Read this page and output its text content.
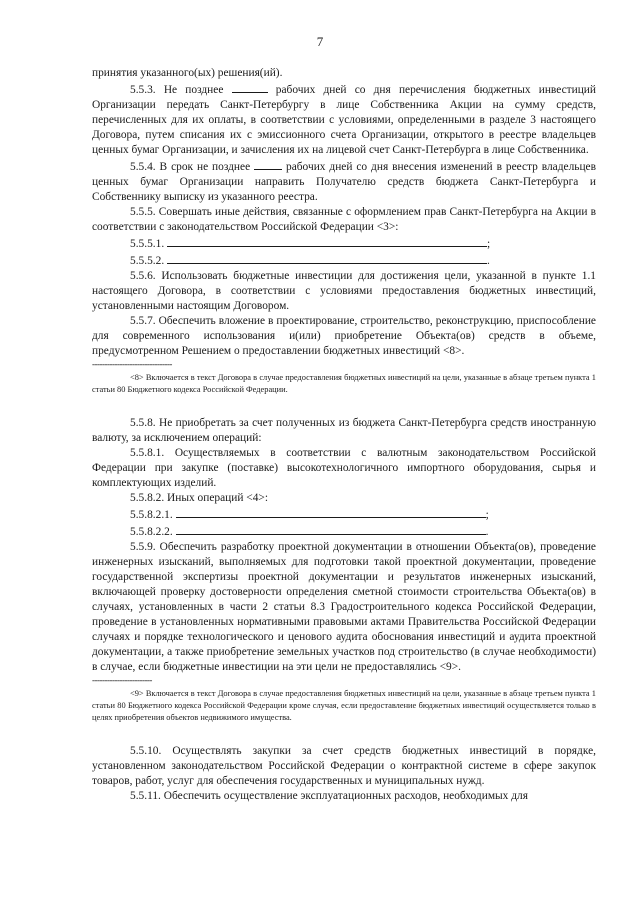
7

принятия указанного(ых) решения(ий).

5.5.3. Не позднее	рабочих дней со дня перечисления бюджетных инвестиций Организации передать Санкт-Петербургу в лице Собственника Акции на сумму средств, перечисленных для их оплаты, в соответствии с условиями, определенными в разделе 3 настоящего Договора, путем списания их с эмиссионного счета Организации, открытого в реестре владельцев ценных бумаг Организации, и зачисления их на лицевой счет Санкт-Петербурга в лице Собственника.

5.5.4. В срок не позднее	рабочих дней со дня внесения изменений в реестр владельцев ценных бумаг Организации направить Получателю средств бюджета Санкт-Петербурга и Собственнику выписку из указанного реестра.

5.5.5. Совершать иные действия, связанные с оформлением прав Санкт-Петербурга на Акции в соответствии с законодательством Российской Федерации <3>:

5.5.5.1.	;

5.5.5.2.	.

5.5.6. Использовать бюджетные инвестиции для достижения цели, указанной в пункте 1.1 настоящего Договора, в соответствии с условиями предоставления бюджетных инвестиций, установленными настоящим Договором.

5.5.7. Обеспечить вложение в проектирование, строительство, реконструкцию, приспособление для современного использования и(или) приобретение Объекта(ов) средств в объеме, предусмотренном Решением о предоставлении бюджетных инвестиций <8>.

--------------------------------

<8> Включается в текст Договора в случае предоставления бюджетных инвестиций на цели, указанные в абзаце третьем пункта 1 статьи 80 Бюджетного кодекса Российской Федерации.

5.5.8. Не приобретать за счет полученных из бюджета Санкт-Петербурга средств иностранную валюту, за исключением операций:

5.5.8.1. Осуществляемых в соответствии с валютным законодательством Российской Федерации при закупке (поставке) высокотехнологичного импортного оборудования, сырья и комплектующих изделий.

5.5.8.2. Иных операций <4>:

5.5.8.2.1.	;

5.5.8.2.2.	.

5.5.9. Обеспечить разработку проектной документации в отношении Объекта(ов), проведение инженерных изысканий, выполняемых для подготовки такой проектной документации, проведение государственной экспертизы проектной документации и результатов инженерных изысканий, включающей проверку достоверности определения сметной стоимости строительства Объекта(ов) в случаях, установленных в части 2 статьи 8.3 Градостроительного кодекса Российской Федерации, проведение в установленных нормативными правовыми актами Правительства Российской Федерации случаях и порядке технологического и ценового аудита обоснования инвестиций и аудита проектной документации, а также приобретение земельных участков под строительство (в случае необходимости) в случае, если бюджетные инвестиции на эти цели не предоставлялись <9>.

------------------------

<9> Включается в текст Договора в случае предоставления бюджетных инвестиций на цели, указанные в абзаце третьем пункта 1 статьи 80 Бюджетного кодекса Российской Федерации кроме случая, если предоставление бюджетных инвестиций осуществляется только в целях приобретения объектов недвижимого имущества.

5.5.10. Осуществлять закупки за счет средств бюджетных инвестиций в порядке, установленном законодательством Российской Федерации о контрактной системе в сфере закупок товаров, работ, услуг для обеспечения государственных и муниципальных нужд.

5.5.11. Обеспечить осуществление эксплуатационных расходов, необходимых для
